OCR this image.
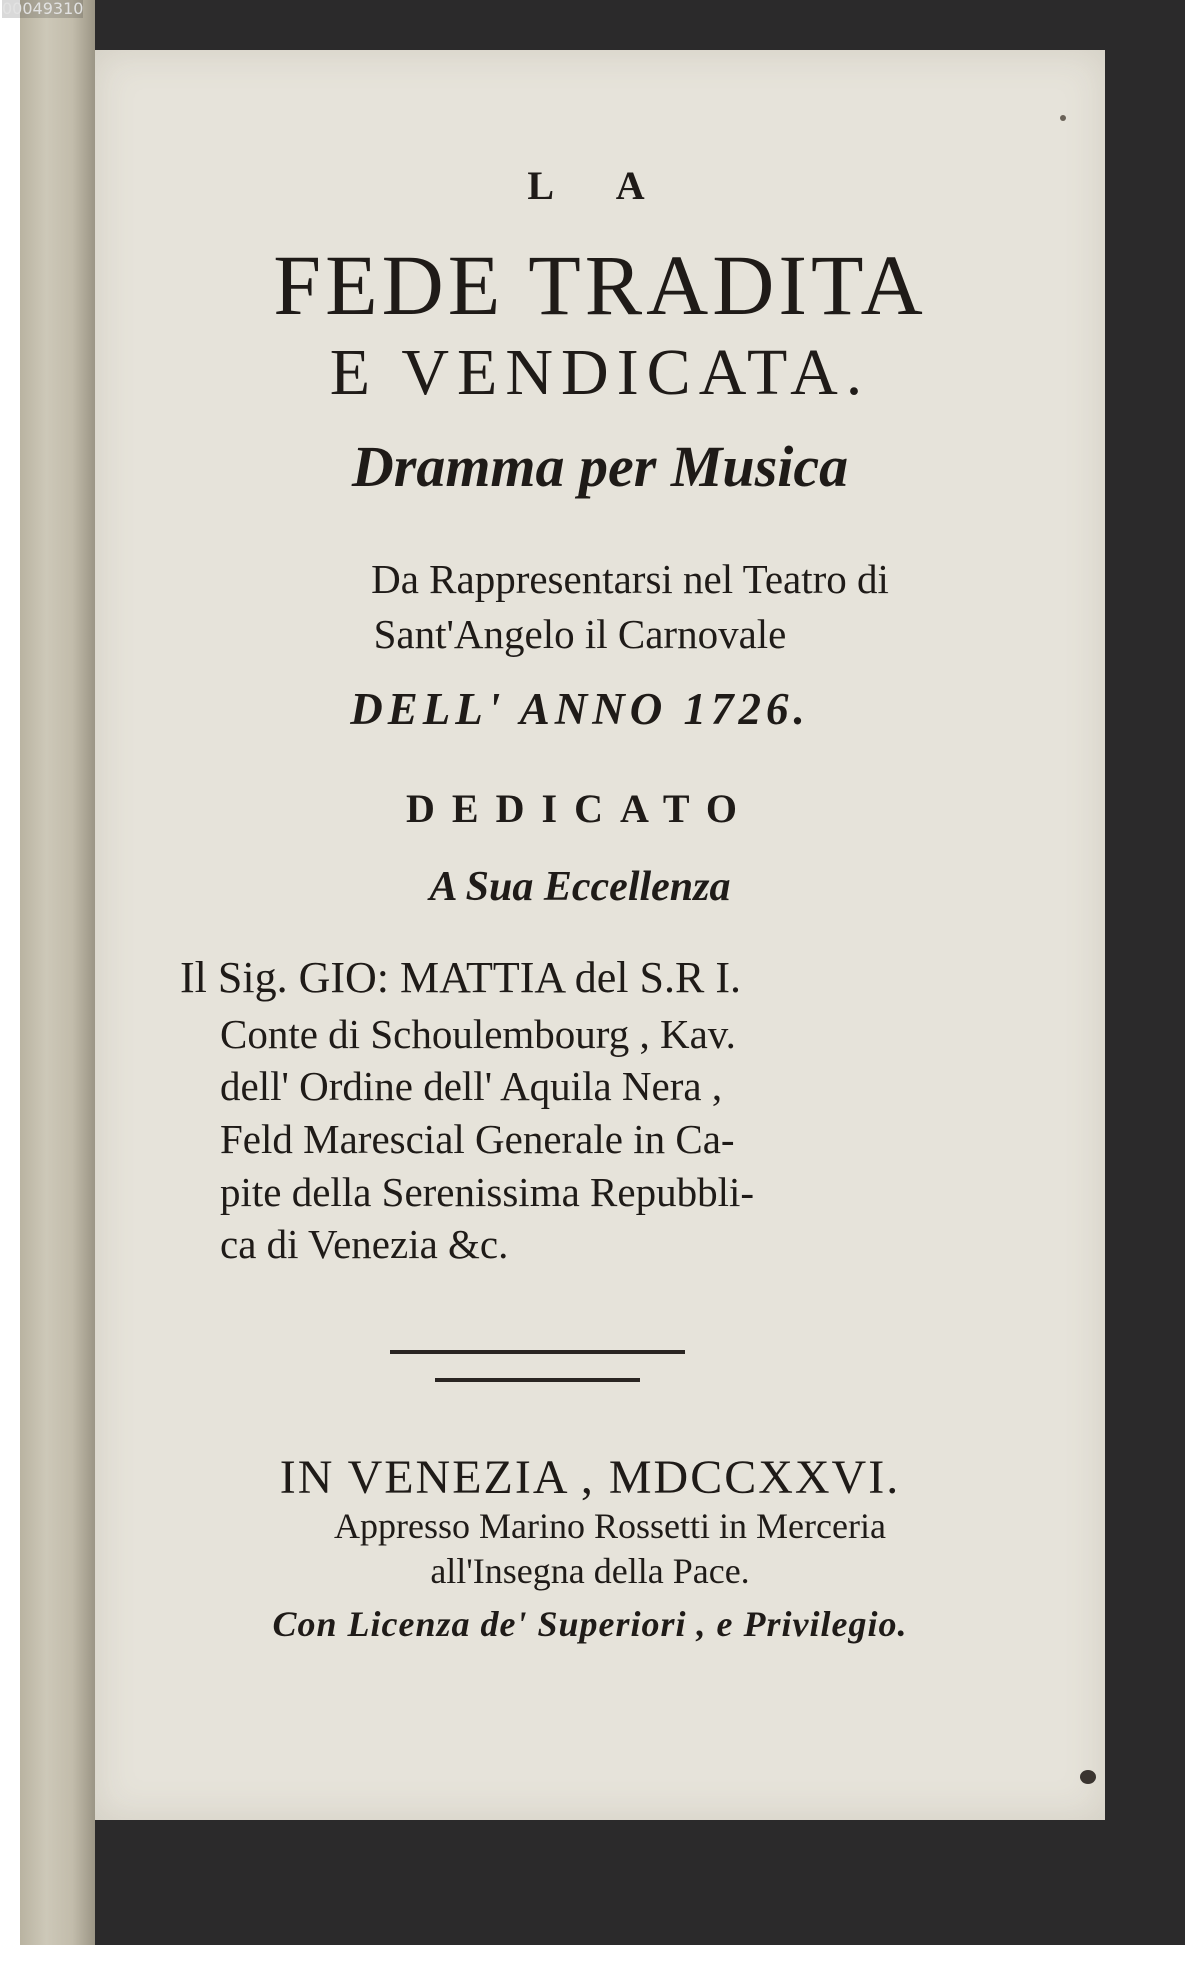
00049310

L A

FEDE TRADITA

E VENDICATA.

Dramma per Musica

Da Rappresentarsi nel Teatro di

Sant'Angelo il Carnovale

DELL' ANNO 1726.

DEDICATO

A Sua Eccellenza

Il Sig. GIO: MATTIA del S.R I.

Conte di Schoulembourg , Kav.

dell' Ordine dell' Aquila Nera ,

Feld Marescial Generale in Ca-

pite della Serenissima Repubbli-

ca di Venezia &c.

IN VENEZIA , MDCCXXVI.

Appresso Marino Rossetti in Merceria

all'Insegna della Pace.

Con Licenza de' Superiori , e Privilegio.
